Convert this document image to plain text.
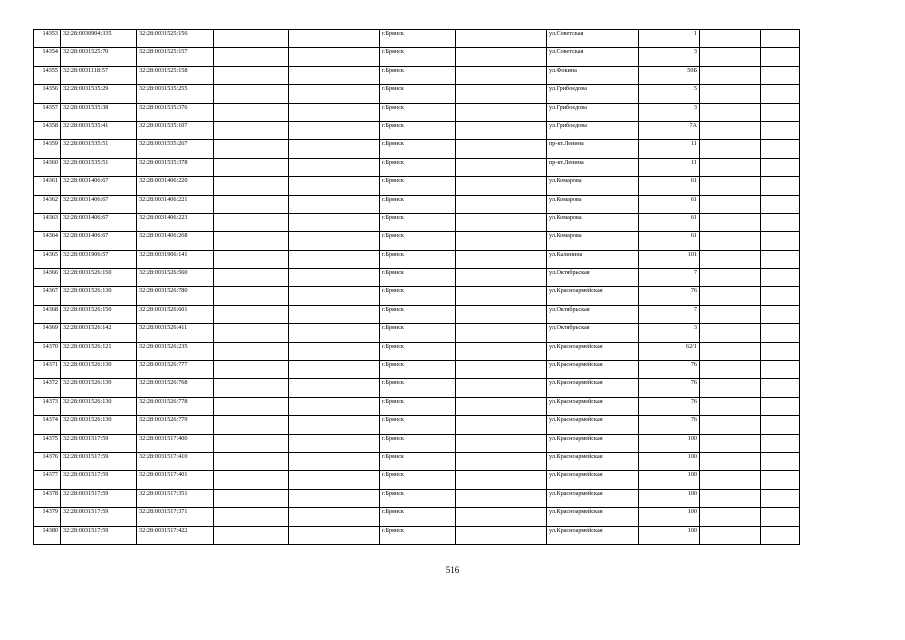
14353	32:28:0030904:335	32:28:0031525:156			г.Брянск		ул.Советская	1		
14354	32:28:0031525:70	32:28:0031525:157			г.Брянск		ул.Советская	3		
14355	32:28:0031118:57	32:28:0031525:158			г.Брянск		ул.Фокина	50Б		
14356	32:28:0031535:29	32:28:0031535:255			г.Брянск		ул.Грибоедова	5		
14357	32:28:0031535:38	32:28:0031535:376			г.Брянск		ул.Грибоедова	3		
14358	32:28:0031535:41	32:28:0031535:107			г.Брянск		ул.Грибоедова	7А		
14359	32:28:0031535:51	32:28:0031535:267			г.Брянск		пр-кт.Ленина	11		
14360	32:28:0031535:51	32:28:0031535:378			г.Брянск		пр-кт.Ленина	11		
14361	32:28:0031406:67	32:28:0031406:220			г.Брянск		ул.Комарова	61		
14362	32:28:0031406:67	32:28:0031406:221			г.Брянск		ул.Комарова	61		
14363	32:28:0031406:67	32:28:0031406:223			г.Брянск		ул.Комарова	61		
14364	32:28:0031406:67	32:28:0031406:268			г.Брянск		ул.Комарова	61		
14365	32:28:0031906:57	32:28:0031906:141			г.Брянск		ул.Калинина	101		
14366	32:28:0031526:150	32:28:0031526:560			г.Брянск		ул.Октябрьская	7		
14367	32:28:0031526:130	32:28:0031526:780			г.Брянск		ул.Красноармейская	76		
14368	32:28:0031526:150	32:28:0031526:601			г.Брянск		ул.Октябрьская	7		
14369	32:28:0031526:142	32:28:0031526:411			г.Брянск		ул.Октябрьская	3		
14370	32:28:0031526:121	32:28:0031526:235			г.Брянск		ул.Красноармейская	62/1		
14371	32:28:0031526:130	32:28:0031526:777			г.Брянск		ул.Красноармейская	76		
14372	32:28:0031526:130	32:28:0031526:768			г.Брянск		ул.Красноармейская	76		
14373	32:28:0031526:130	32:28:0031526:778			г.Брянск		ул.Красноармейская	76		
14374	32:28:0031526:130	32:28:0031526:779			г.Брянск		ул.Красноармейская	76		
14375	32:28:0031517:59	32:28:0031517:400			г.Брянск		ул.Красноармейская	100		
14376	32:28:0031517:59	32:28:0031517:410			г.Брянск		ул.Красноармейская	100		
14377	32:28:0031517:59	32:28:0031517:401			г.Брянск		ул.Красноармейская	100		
14378	32:28:0031517:59	32:28:0031517:351			г.Брянск		ул.Красноармейская	100		
14379	32:28:0031517:59	32:28:0031517:371			г.Брянск		ул.Красноармейская	100		
14380	32:28:0031517:59	32:28:0031517:422			г.Брянск		ул.Красноармейская	100		
516
